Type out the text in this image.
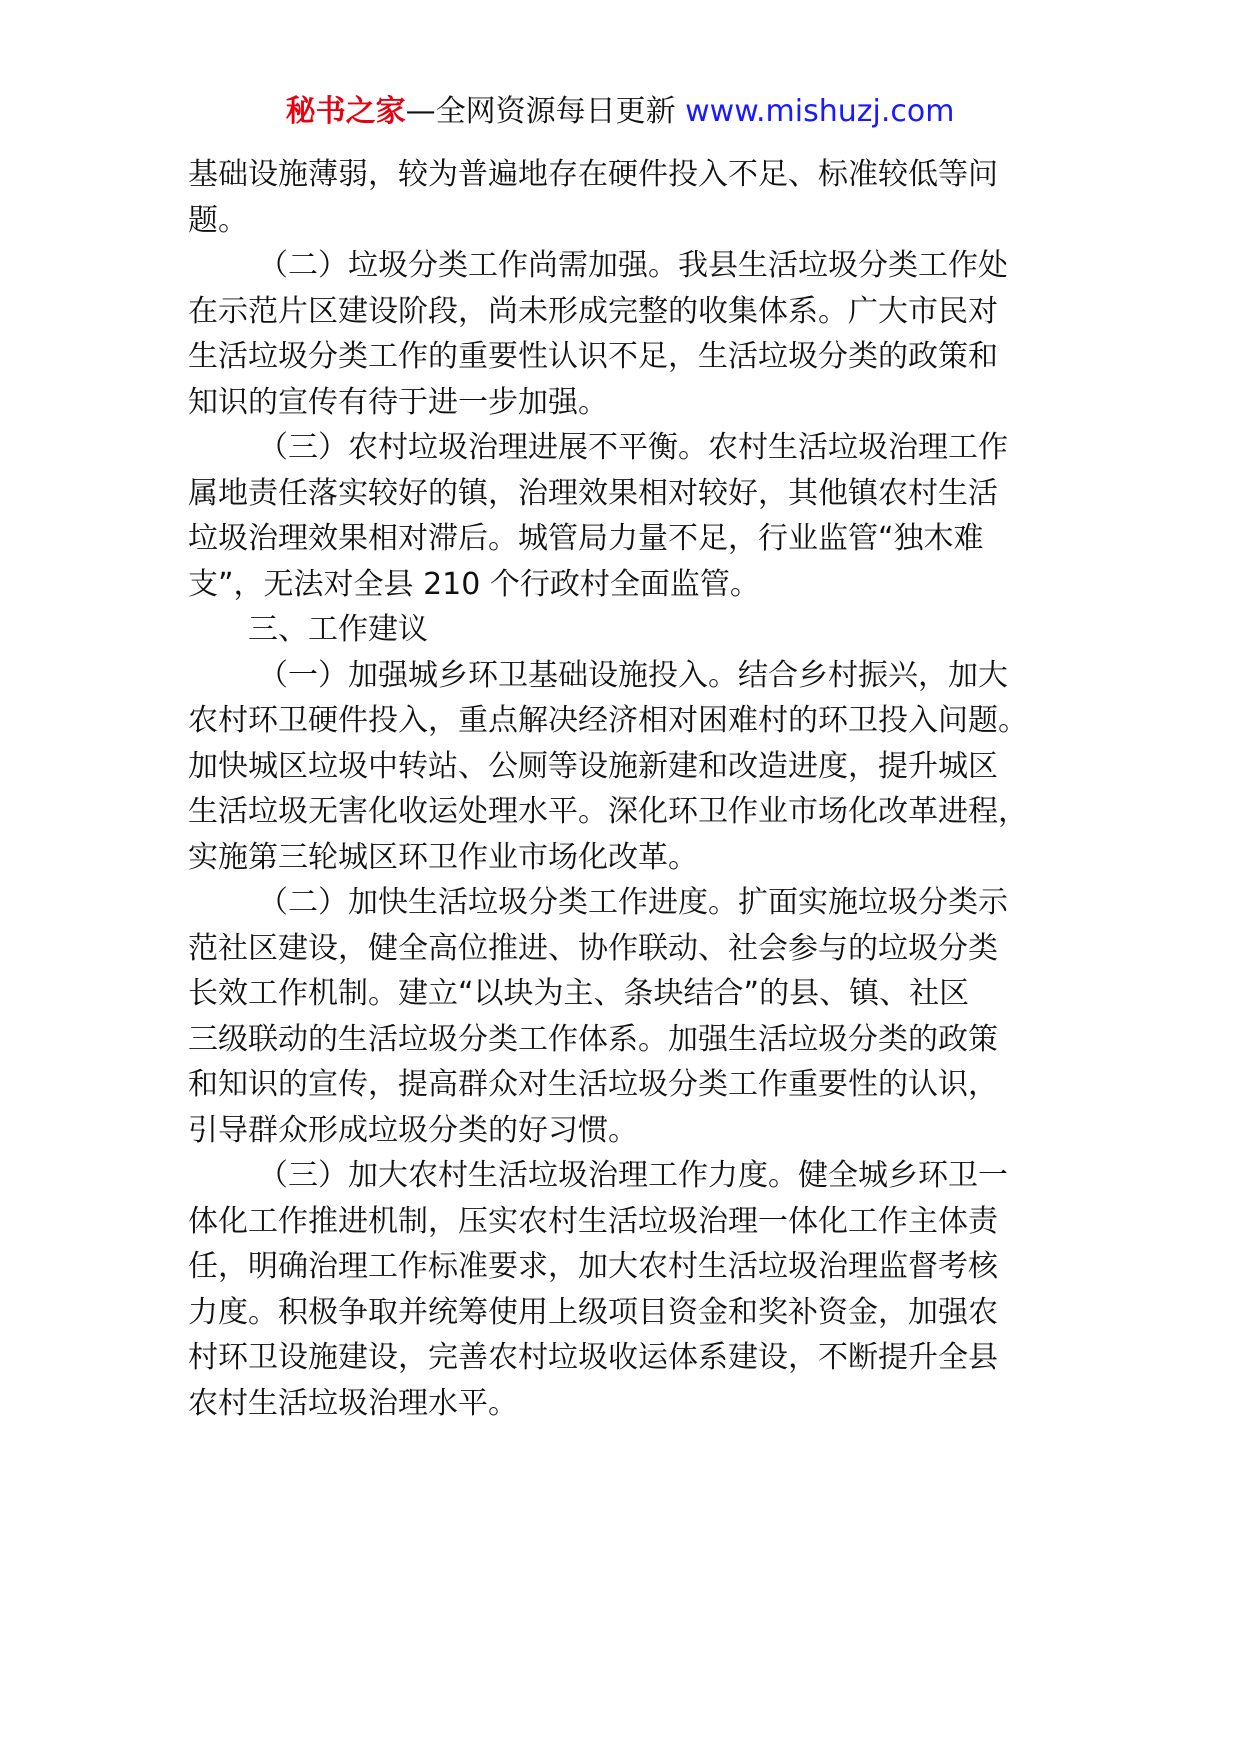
秘书之家—全网资源每日更新 www.mishuzj.com
基础设施薄弱，较为普遍地存在硬件投入不足、标准较低等问
题。
（二）垃圾分类工作尚需加强。我县生活垃圾分类工作处
在示范片区建设阶段，尚未形成完整的收集体系。广大市民对
生活垃圾分类工作的重要性认识不足，生活垃圾分类的政策和
知识的宣传有待于进一步加强。
（三）农村垃圾治理进展不平衡。农村生活垃圾治理工作
属地责任落实较好的镇，治理效果相对较好，其他镇农村生活
垃圾治理效果相对滞后。城管局力量不足，行业监管“独木难
支”，无法对全县 210 个行政村全面监管。
三、工作建议
（一）加强城乡环卫基础设施投入。结合乡村振兴，加大
农村环卫硬件投入，重点解决经济相对困难村的环卫投入问题。
加快城区垃圾中转站、公厕等设施新建和改造进度，提升城区
生活垃圾无害化收运处理水平。深化环卫作业市场化改革进程，
实施第三轮城区环卫作业市场化改革。
（二）加快生活垃圾分类工作进度。扩面实施垃圾分类示
范社区建设，健全高位推进、协作联动、社会参与的垃圾分类
长效工作机制。建立“以块为主、条块结合”的县、镇、社区
三级联动的生活垃圾分类工作体系。加强生活垃圾分类的政策
和知识的宣传，提高群众对生活垃圾分类工作重要性的认识，
引导群众形成垃圾分类的好习惯。
（三）加大农村生活垃圾治理工作力度。健全城乡环卫一
体化工作推进机制，压实农村生活垃圾治理一体化工作主体责
任，明确治理工作标准要求，加大农村生活垃圾治理监督考核
力度。积极争取并统筹使用上级项目资金和奖补资金，加强农
村环卫设施建设，完善农村垃圾收运体系建设，不断提升全县
农村生活垃圾治理水平。
